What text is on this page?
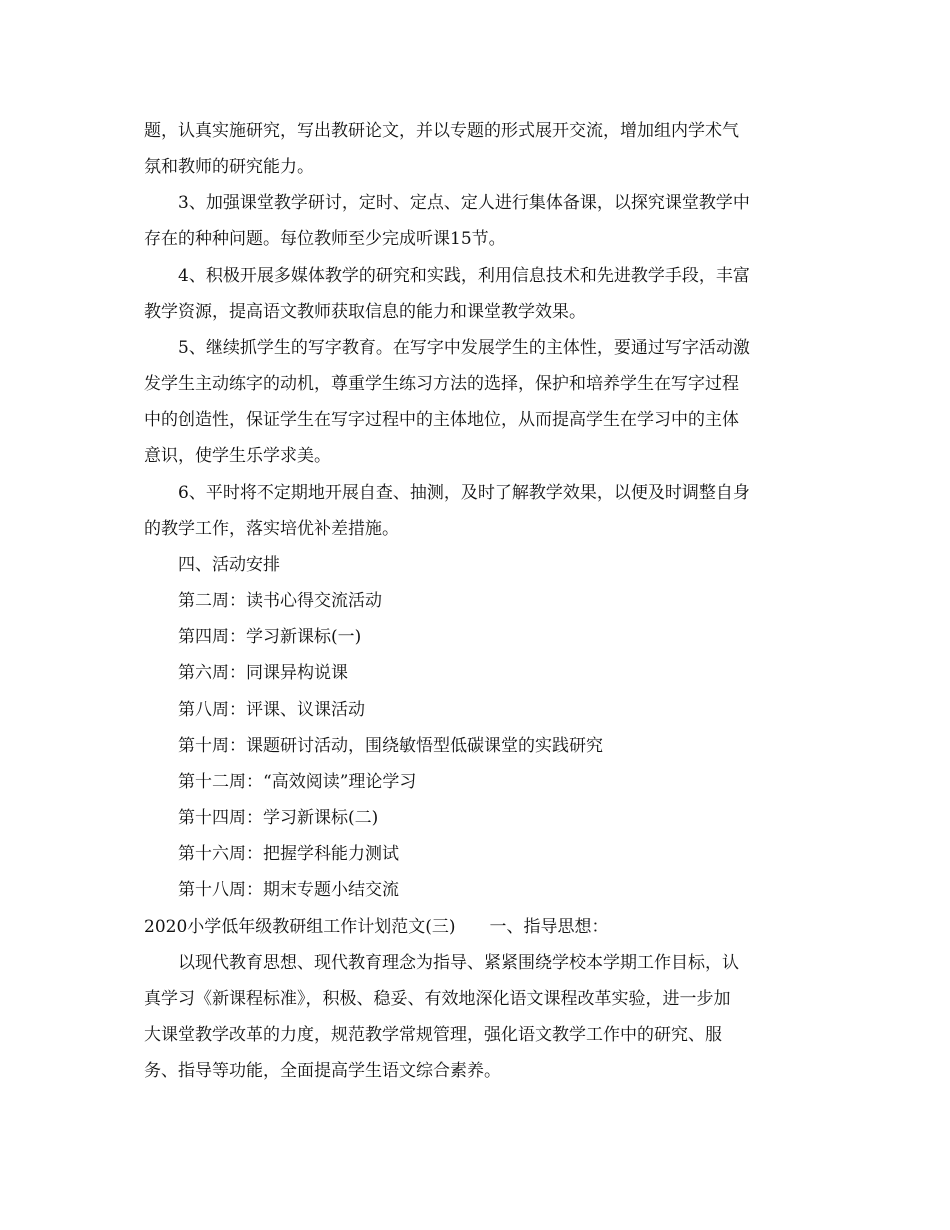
题，认真实施研究，写出教研论文，并以专题的形式展开交流，增加组内学术气
氛和教师的研究能力。
　　3、加强课堂教学研讨，定时、定点、定人进行集体备课，以探究课堂教学中
存在的种种问题。每位教师至少完成听课15节。
　　4、积极开展多媒体教学的研究和实践，利用信息技术和先进教学手段，丰富
教学资源，提高语文教师获取信息的能力和课堂教学效果。
　　5、继续抓学生的写字教育。在写字中发展学生的主体性，要通过写字活动激
发学生主动练字的动机，尊重学生练习方法的选择，保护和培养学生在写字过程
中的创造性，保证学生在写字过程中的主体地位，从而提高学生在学习中的主体
意识，使学生乐学求美。
　　6、平时将不定期地开展自查、抽测，及时了解教学效果，以便及时调整自身
的教学工作，落实培优补差措施。
　　四、活动安排
　　第二周：读书心得交流活动
　　第四周：学习新课标(一)
　　第六周：同课异构说课
　　第八周：评课、议课活动
　　第十周：课题研讨活动，围绕敏悟型低碳课堂的实践研究
　　第十二周：“高效阅读”理论学习
　　第十四周：学习新课标(二)
　　第十六周：把握学科能力测试
　　第十八周：期末专题小结交流
2020小学低年级教研组工作计划范文(三)　　一、指导思想：
　　以现代教育思想、现代教育理念为指导、紧紧围绕学校本学期工作目标，认
真学习《新课程标准》，积极、稳妥、有效地深化语文课程改革实验，进一步加
大课堂教学改革的力度，规范教学常规管理，强化语文教学工作中的研究、服
务、指导等功能，全面提高学生语文综合素养。
